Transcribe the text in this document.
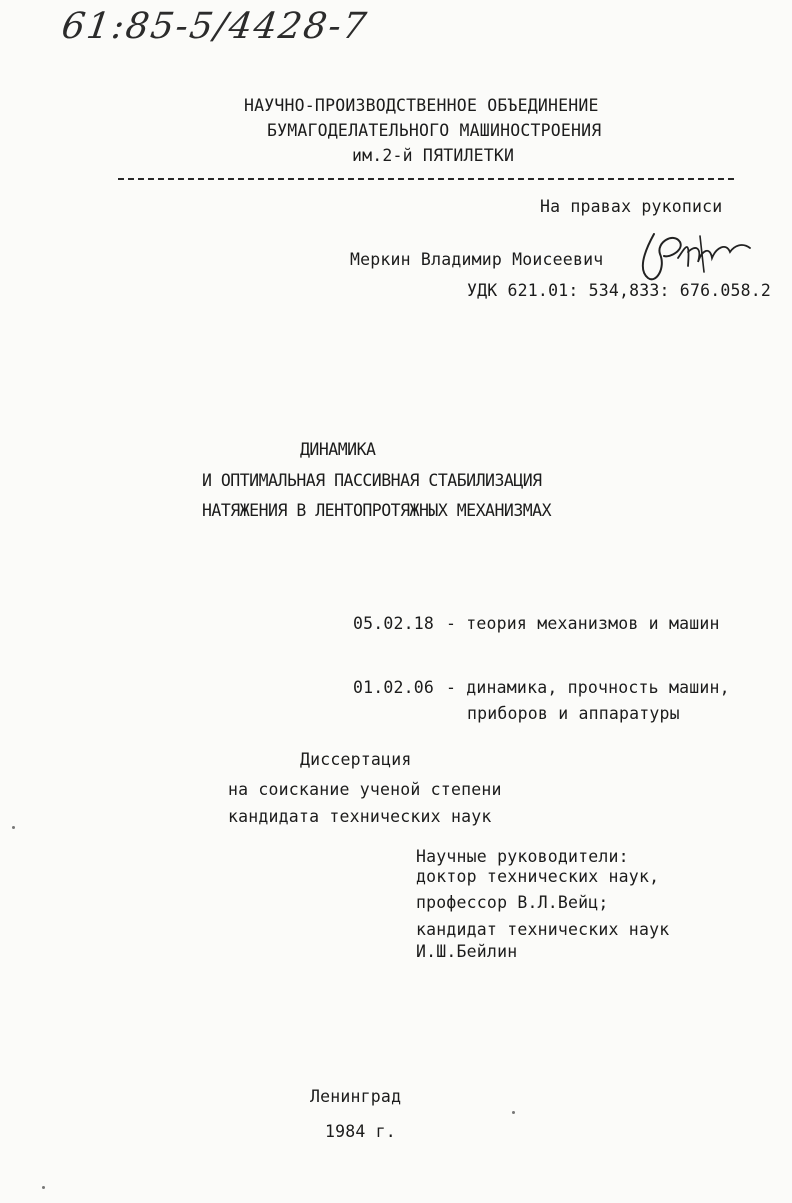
61:85-5/4428-7
НАУЧНО-ПРОИЗВОДСТВЕННОЕ ОБЪЕДИНЕНИЕ
БУМАГОДЕЛАТЕЛЬНОГО МАШИНОСТРОЕНИЯ
им.2-й ПЯТИЛЕТКИ
На правах рукописи
Меркин Владимир Моисеевич
УДК 621.01: 534,833: 676.058.2
ДИНАМИКА
И ОПТИМАЛЬНАЯ ПАССИВНАЯ СТАБИЛИЗАЦИЯ
НАТЯЖЕНИЯ В ЛЕНТОПРОТЯЖНЫХ МЕХАНИЗМАХ
05.02.18 - теория механизмов и машин
01.02.06 - динамика, прочность машин,
приборов и аппаратуры
Диссертация
на соискание ученой степени
кандидата технических наук
Научные руководители:
доктор технических наук,
профессор В.Л.Вейц;
кандидат технических наук
И.Ш.Бейлин
Ленинград
1984 г.
